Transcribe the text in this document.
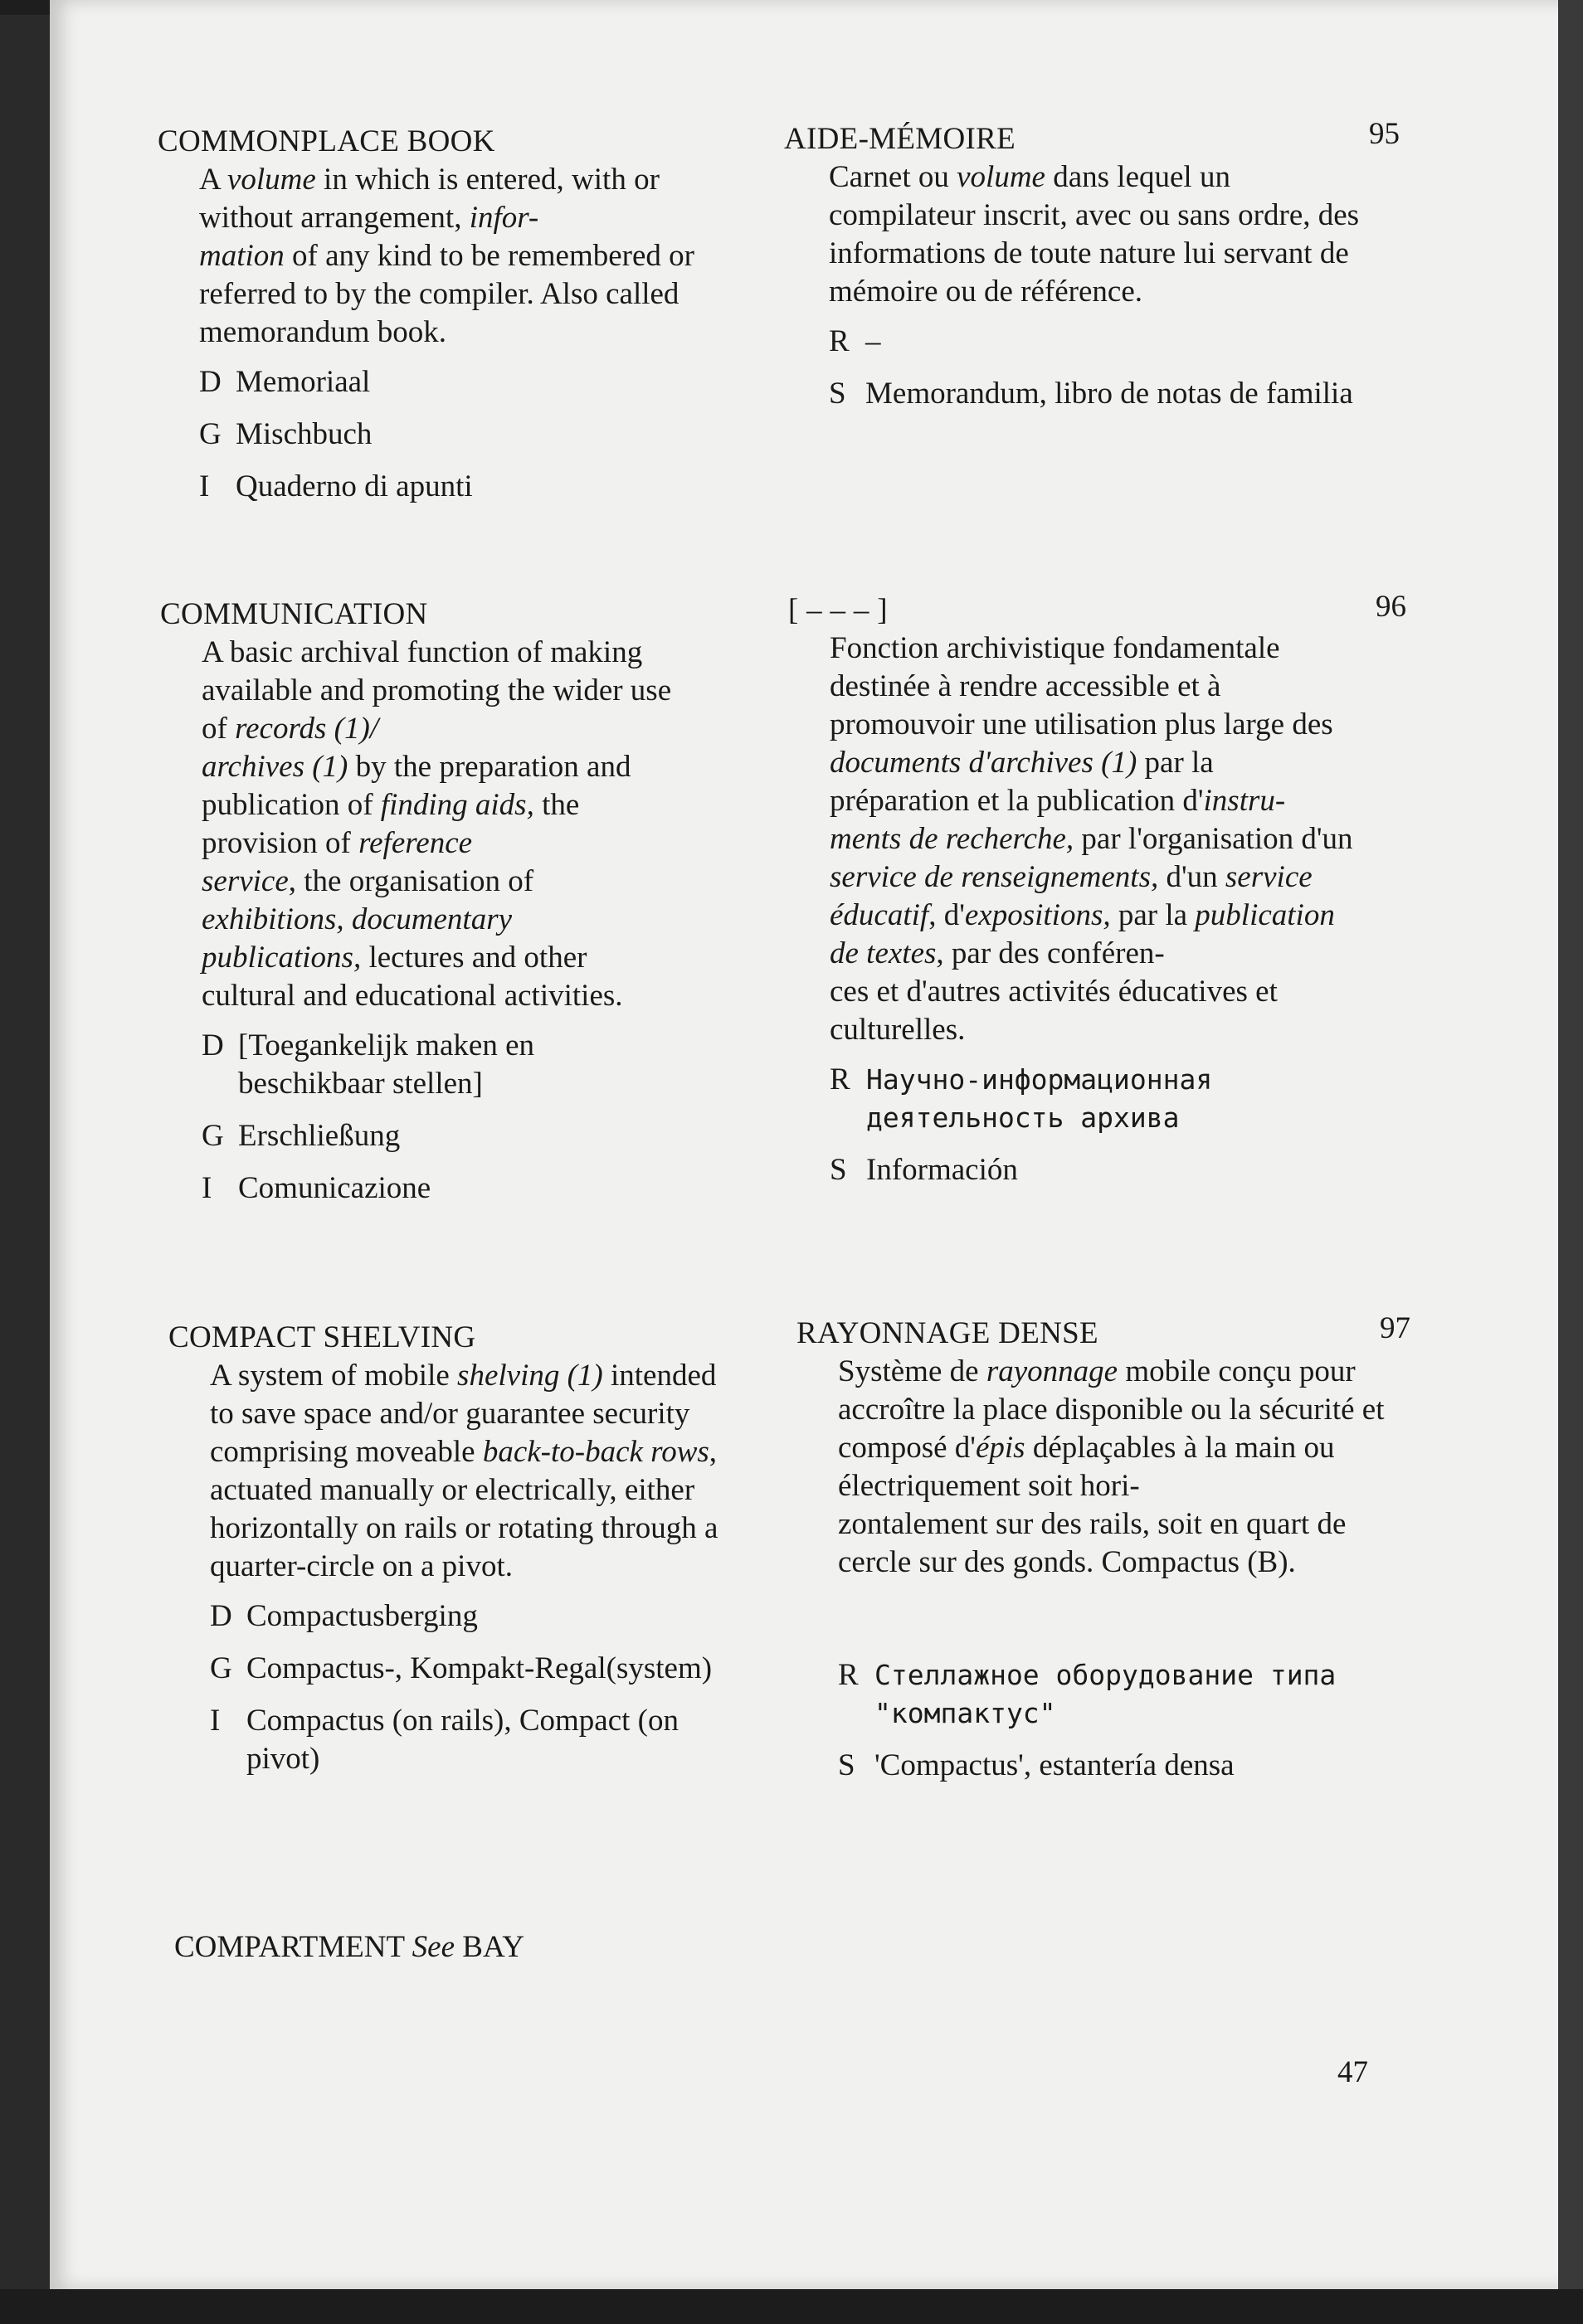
COMMONPLACE BOOK

A volume in which is entered, with or without arrangement, infor-
mation of any kind to be remembered or referred to by the compiler. Also called memorandum book.

D Memoriaal
G Mischbuch
I Quaderno di apunti
AIDE-MÉMOIRE

Carnet ou volume dans lequel un compilateur inscrit, avec ou sans ordre, des informations de toute nature lui servant de mémoire ou de référence.

R –
S Memorandum, libro de notas de familia
95
COMMUNICATION

A basic archival function of making available and promoting the wider use of records (1)/
archives (1) by the preparation and publication of finding aids, the provision of reference
service, the organisation of exhibitions, documentary
publications, lectures and other cultural and educational activities.

D [Toegankelijk maken en beschikbaar stellen]
G Erschließung
I Comunicazione
[ – – – ]

Fonction archivistique fondamentale destinée à rendre accessible et à promouvoir une utilisation plus large des documents d'archives (1) par la préparation et la publication d'instru-
ments de recherche, par l'organisation d'un service de renseignements, d'un service éducatif, d'expositions, par la publication de textes, par des conféren-
ces et d'autres activités éducatives et culturelles.

R Научно-информационная деятельность архива
S Información
96
COMPACT SHELVING

A system of mobile shelving (1) intended to save space and/or guarantee security comprising moveable back-to-back rows, actuated manually or electrically, either horizontally on rails or rotating through a quarter-circle on a pivot.

D Compactusberging
G Compactus-, Kompakt-Regal(system)
I Compactus (on rails), Compact (on pivot)
RAYONNAGE DENSE

Système de rayonnage mobile conçu pour accroître la place disponible ou la sécurité et composé d'épis déplaçables à la main ou électriquement soit hori-
zontalement sur des rails, soit en quart de cercle sur des gonds. Compactus (B).

R Стеллажное оборудование типа "компактус"
S 'Compactus', estantería densa
97
COMPARTMENT See BAY
47
